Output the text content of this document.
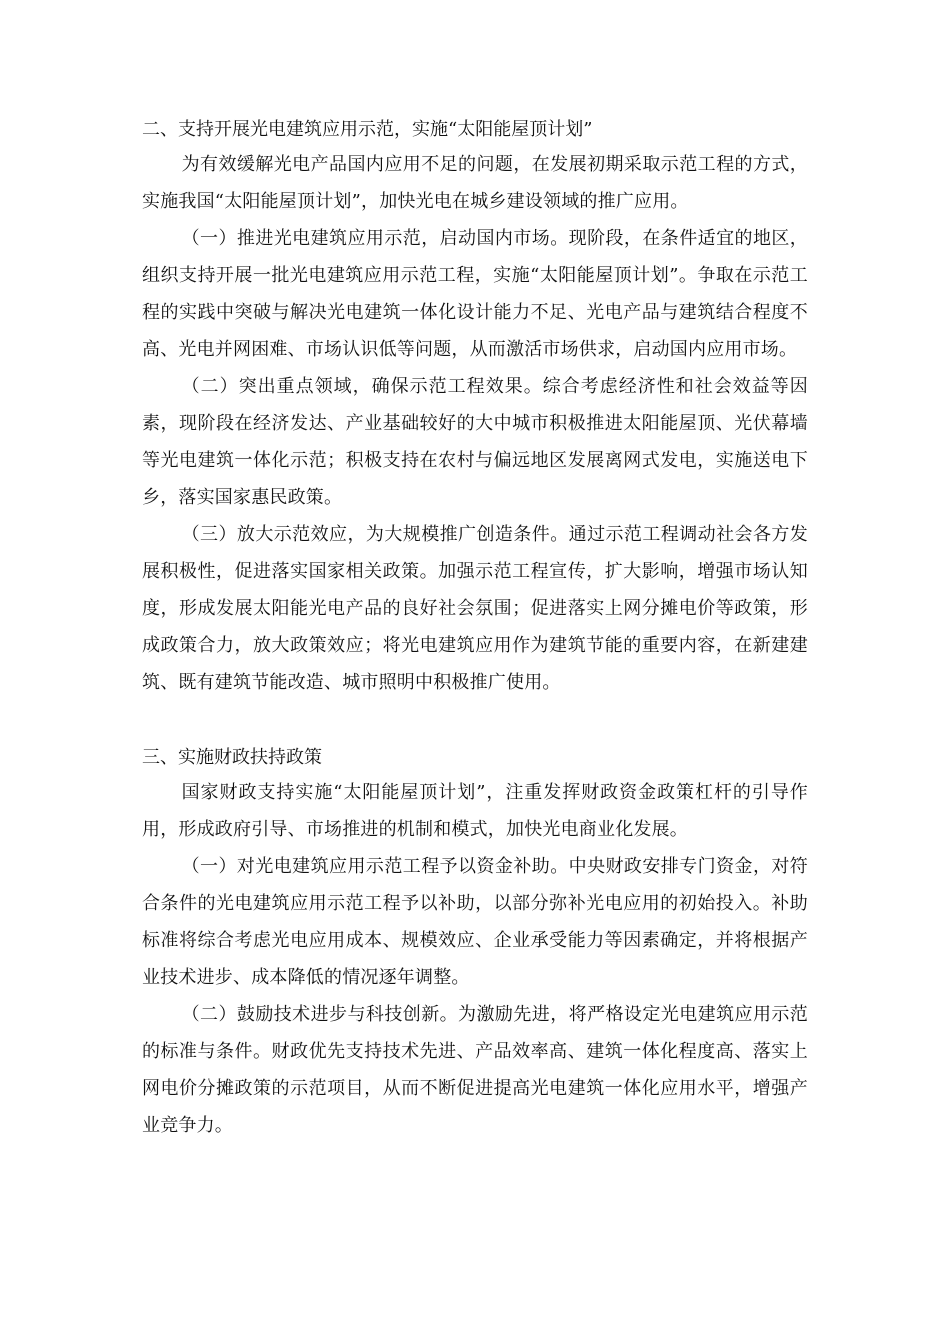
二、支持开展光电建筑应用示范，实施“太阳能屋顶计划”

为有效缓解光电产品国内应用不足的问题，在发展初期采取示范工程的方式，实施我国“太阳能屋顶计划”，加快光电在城乡建设领域的推广应用。

（一）推进光电建筑应用示范，启动国内市场。现阶段，在条件适宜的地区，组织支持开展一批光电建筑应用示范工程，实施“太阳能屋顶计划”。争取在示范工程的实践中突破与解决光电建筑一体化设计能力不足、光电产品与建筑结合程度不高、光电并网困难、市场认识低等问题，从而激活市场供求，启动国内应用市场。

（二）突出重点领域，确保示范工程效果。综合考虑经济性和社会效益等因素，现阶段在经济发达、产业基础较好的大中城市积极推进太阳能屋顶、光伏幕墙等光电建筑一体化示范；积极支持在农村与偏远地区发展离网式发电，实施送电下乡，落实国家惠民政策。

（三）放大示范效应，为大规模推广创造条件。通过示范工程调动社会各方发展积极性，促进落实国家相关政策。加强示范工程宣传，扩大影响，增强市场认知度，形成发展太阳能光电产品的良好社会氛围；促进落实上网分摊电价等政策，形成政策合力，放大政策效应；将光电建筑应用作为建筑节能的重要内容，在新建建筑、既有建筑节能改造、城市照明中积极推广使用。

三、实施财政扶持政策

国家财政支持实施“太阳能屋顶计划”，注重发挥财政资金政策杠杆的引导作用，形成政府引导、市场推进的机制和模式，加快光电商业化发展。

（一）对光电建筑应用示范工程予以资金补助。中央财政安排专门资金，对符合条件的光电建筑应用示范工程予以补助，以部分弥补光电应用的初始投入。补助标准将综合考虑光电应用成本、规模效应、企业承受能力等因素确定，并将根据产业技术进步、成本降低的情况逐年调整。

（二）鼓励技术进步与科技创新。为激励先进，将严格设定光电建筑应用示范的标准与条件。财政优先支持技术先进、产品效率高、建筑一体化程度高、落实上网电价分摊政策的示范项目，从而不断促进提高光电建筑一体化应用水平，增强产业竞争力。
